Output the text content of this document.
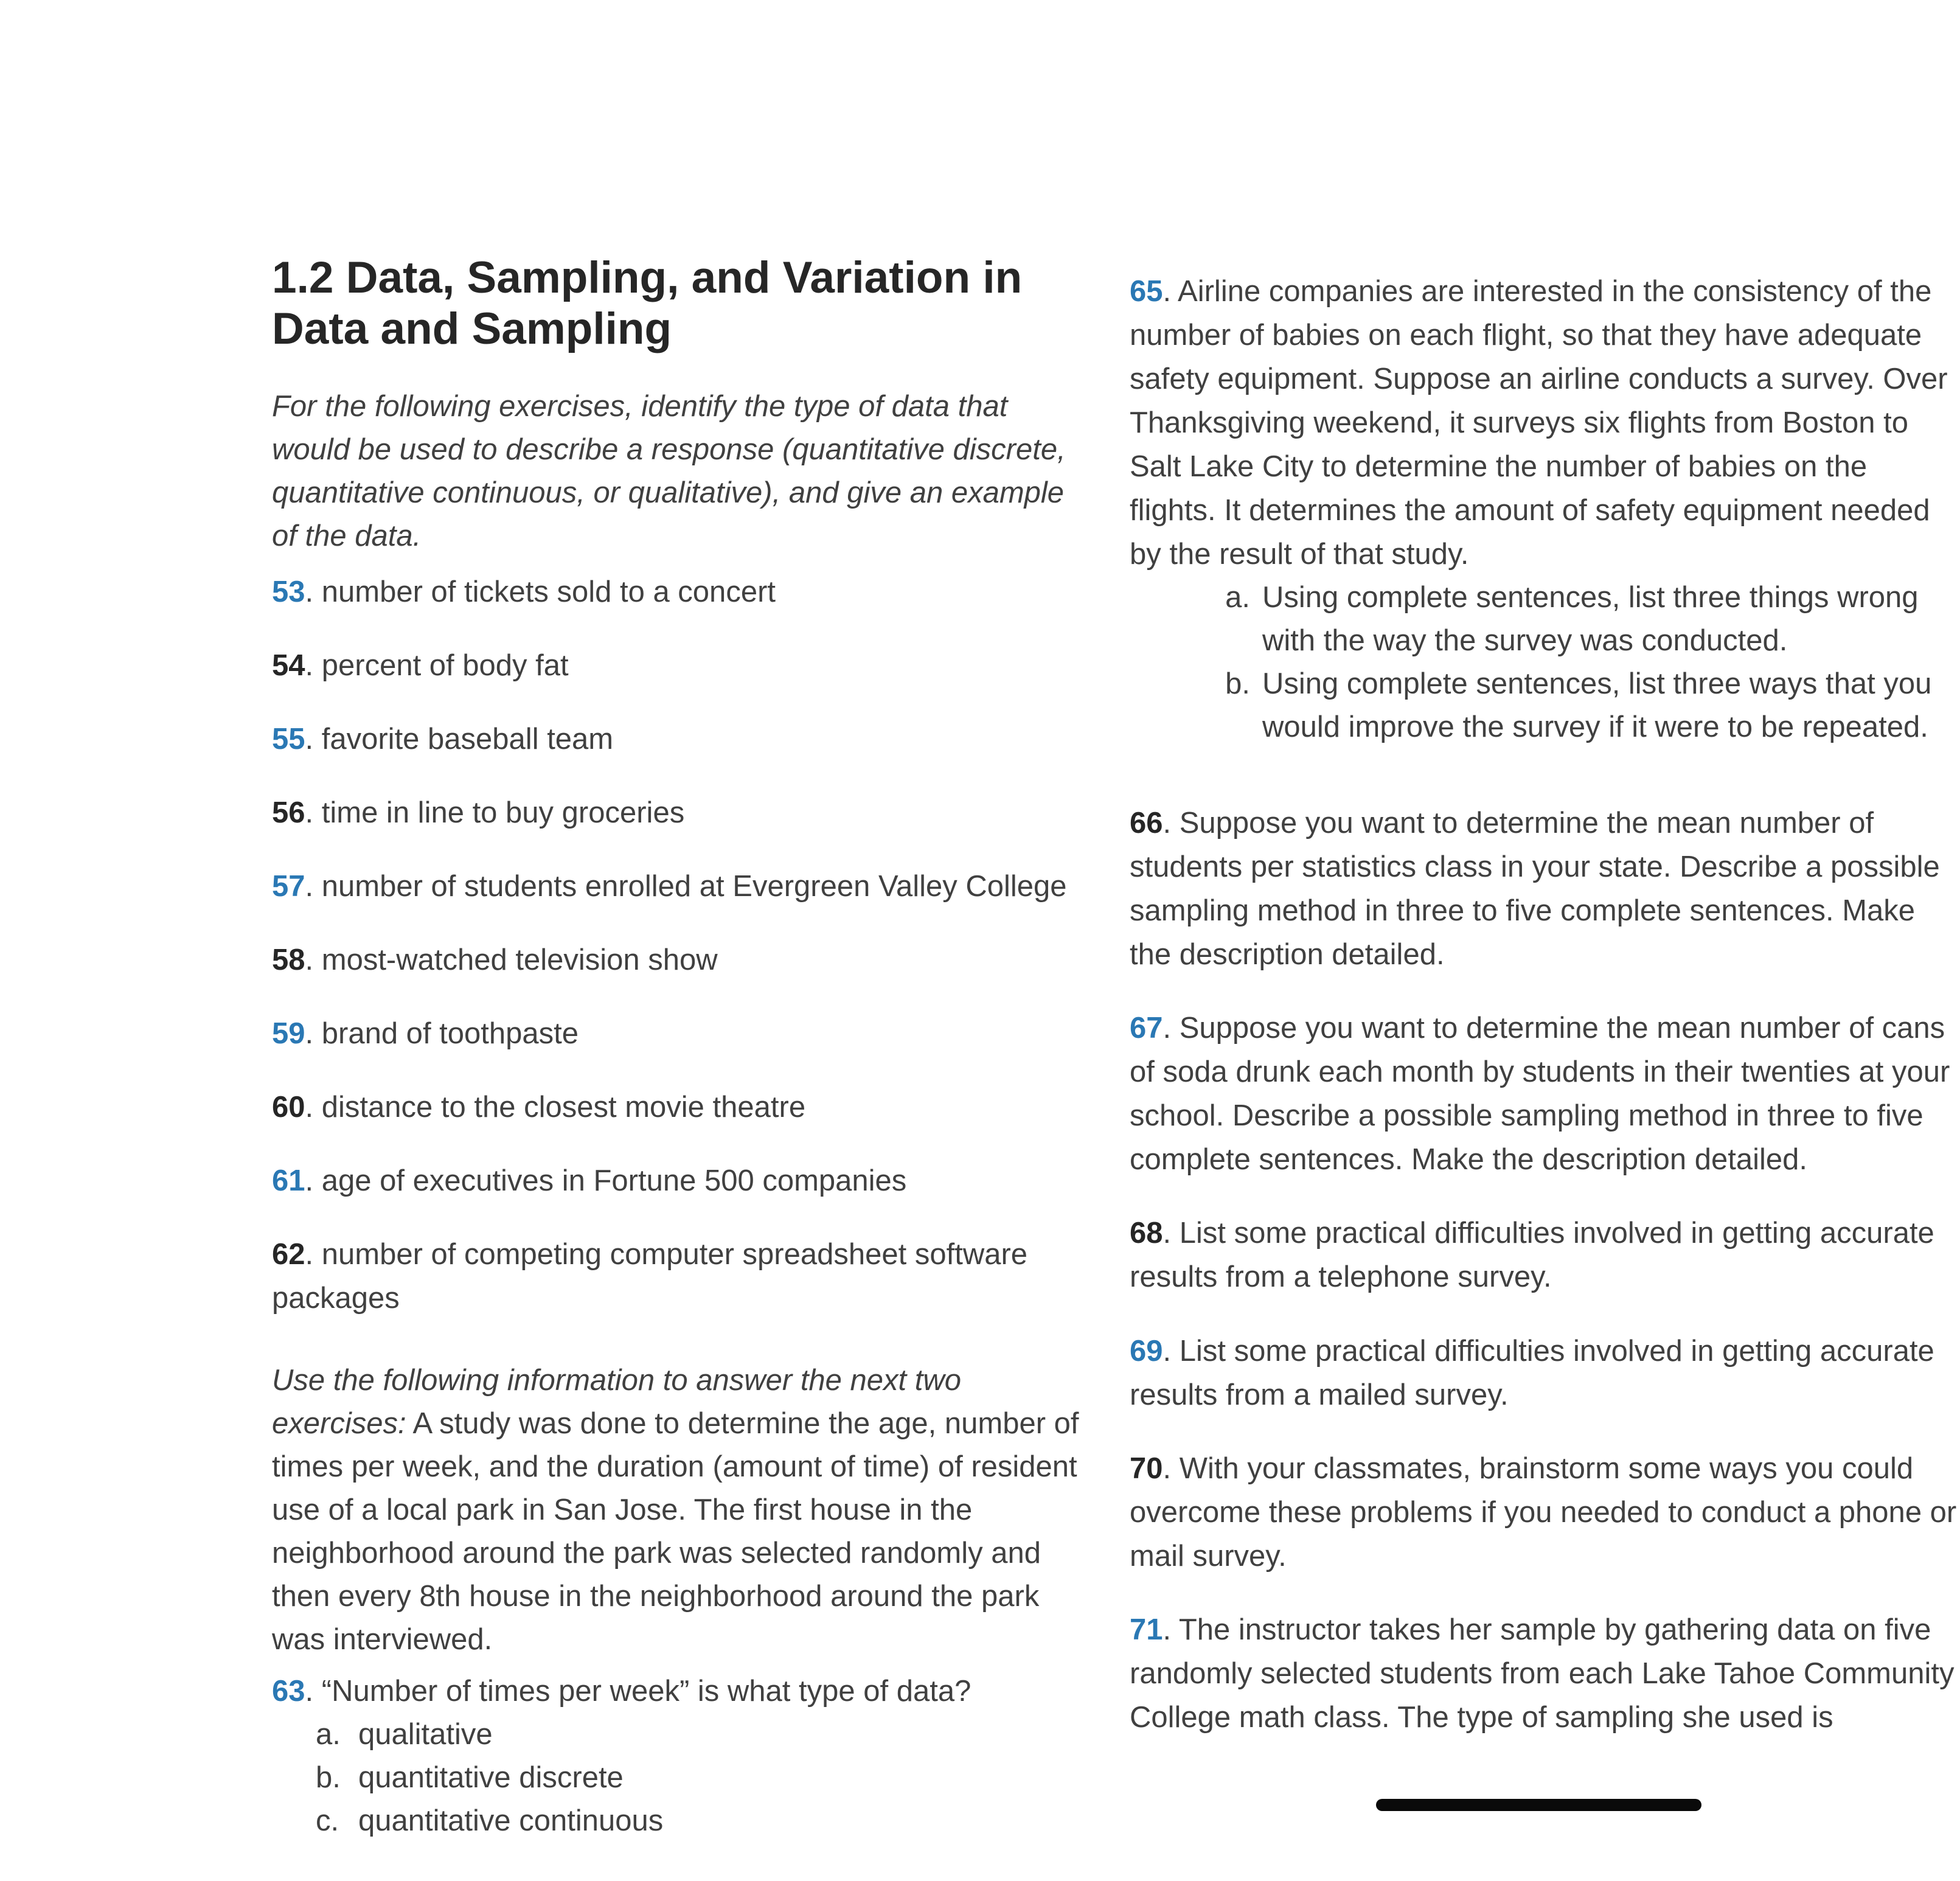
1.2 Data, Sampling, and Variation in
Data and Sampling

For the following exercises, identify the type of data that would be used to describe a response (quantitative discrete, quantitative continuous, or qualitative), and give an example of the data.

53. number of tickets sold to a concert

54. percent of body fat

55. favorite baseball team

56. time in line to buy groceries

57. number of students enrolled at Evergreen Valley College

58. most-watched television show

59. brand of toothpaste

60. distance to the closest movie theatre

61. age of executives in Fortune 500 companies

62. number of competing computer spreadsheet software packages

Use the following information to answer the next two exercises: A study was done to determine the age, number of times per week, and the duration (amount of time) of resident use of a local park in San Jose. The first house in the neighborhood around the park was selected randomly and then every 8th house in the neighborhood around the park was interviewed.

63. “Number of times per week” is what type of data?

a. qualitative
b. quantitative discrete
c. quantitative continuous

65. Airline companies are interested in the consistency of the number of babies on each flight, so that they have adequate safety equipment. Suppose an airline conducts a survey. Over Thanksgiving weekend, it surveys six flights from Boston to Salt Lake City to determine the number of babies on the flights. It determines the amount of safety equipment needed by the result of that study.

a. Using complete sentences, list three things wrong with the way the survey was conducted.
b. Using complete sentences, list three ways that you would improve the survey if it were to be repeated.

66. Suppose you want to determine the mean number of students per statistics class in your state. Describe a possible sampling method in three to five complete sentences. Make the description detailed.

67. Suppose you want to determine the mean number of cans of soda drunk each month by students in their twenties at your school. Describe a possible sampling method in three to five complete sentences. Make the description detailed.

68. List some practical difficulties involved in getting accurate results from a telephone survey.

69. List some practical difficulties involved in getting accurate results from a mailed survey.

70. With your classmates, brainstorm some ways you could overcome these problems if you needed to conduct a phone or mail survey.

71. The instructor takes her sample by gathering data on five randomly selected students from each Lake Tahoe Community College math class. The type of sampling she used is
